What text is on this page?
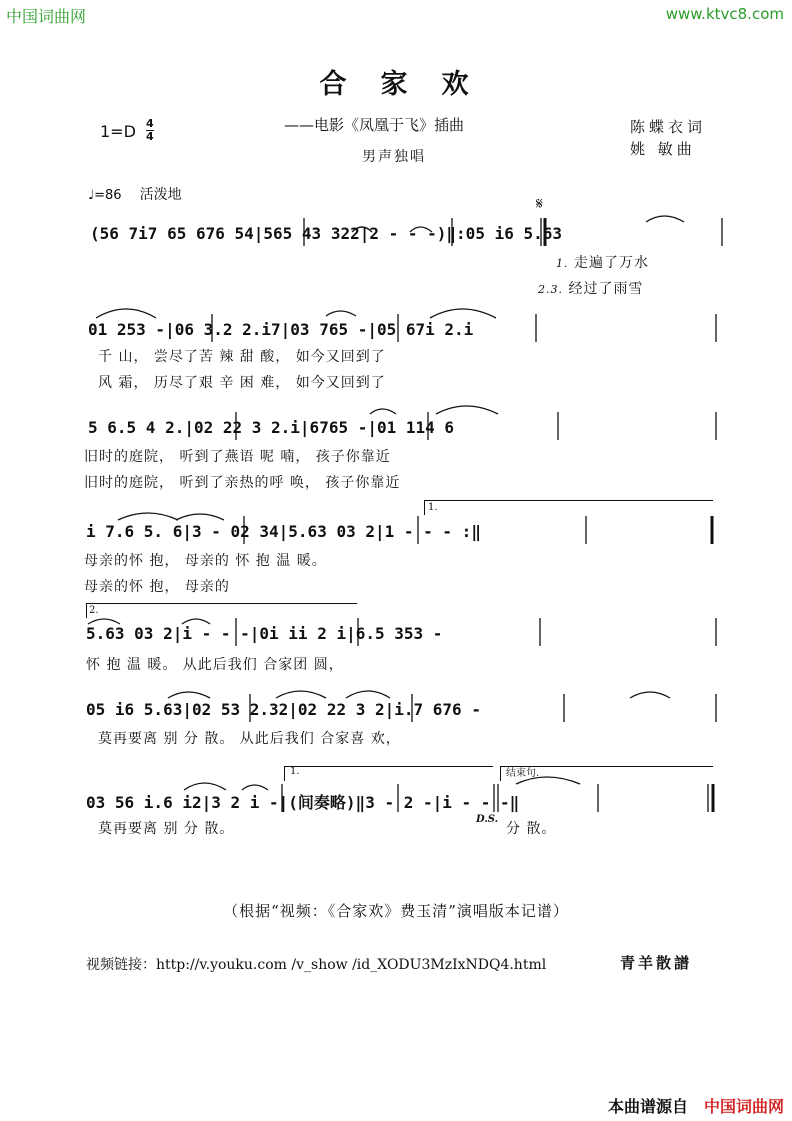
中国词曲网	www.ktvc8.com
合家欢
$1=D \frac{4}{4}$	——电影《凤凰于飞》插曲
男声独唱
陈蝶衣词
姚 敏曲
♩=86 活泼地	𝄋
(56 7i7 65 676 54|565 43 322|2 - - -)‖:05 i6 5.63
1. 走遍了万水
2.3. 经过了雨雪
01 253 -|06 3.2 2.i7|03 765 -|05 67i 2.i
千 山， 尝尽了苦 辣 甜 酸， 如今又回到了
风 霜， 历尽了艰 辛 困 难， 如今又回到了
5 6.5 4 2.|02 22 3 2.i|6765 -|01 114 6
旧时的庭院， 听到了燕语 呢 喃， 孩子你靠近
旧时的庭院， 听到了亲热的呼 唤， 孩子你靠近
1.
i 7.6 5. 6|3 - 02 34|5.63 03 2|1 - - - :‖
母亲的怀 抱， 母亲的 怀 抱 温 暖。
母亲的怀 抱， 母亲的
2.
5.63 03 2|i - - -|0i ii 2 i|6.5 353 -
怀 抱 温 暖。 从此后我们 合家团 圆，
05 i6 5.63|02 53 2.32|02 22 3 2|i.7 676 -
莫再要离 别 分 散。 从此后我们 合家喜 欢，
1.	结束句.
03 56 i.6 i2|3 2 i -|(间奏略)‖3 - 2 -|i - - -‖
D.S.
莫再要离 别 分 散。	分 散。
（根据“视频：《合家欢》费玉清”演唱版本记谱）
视频链接：http://v.youku.com /v_show /id_XODU3MzIxNDQ4.html	青羊散譜
本曲谱源自 中国词曲网
